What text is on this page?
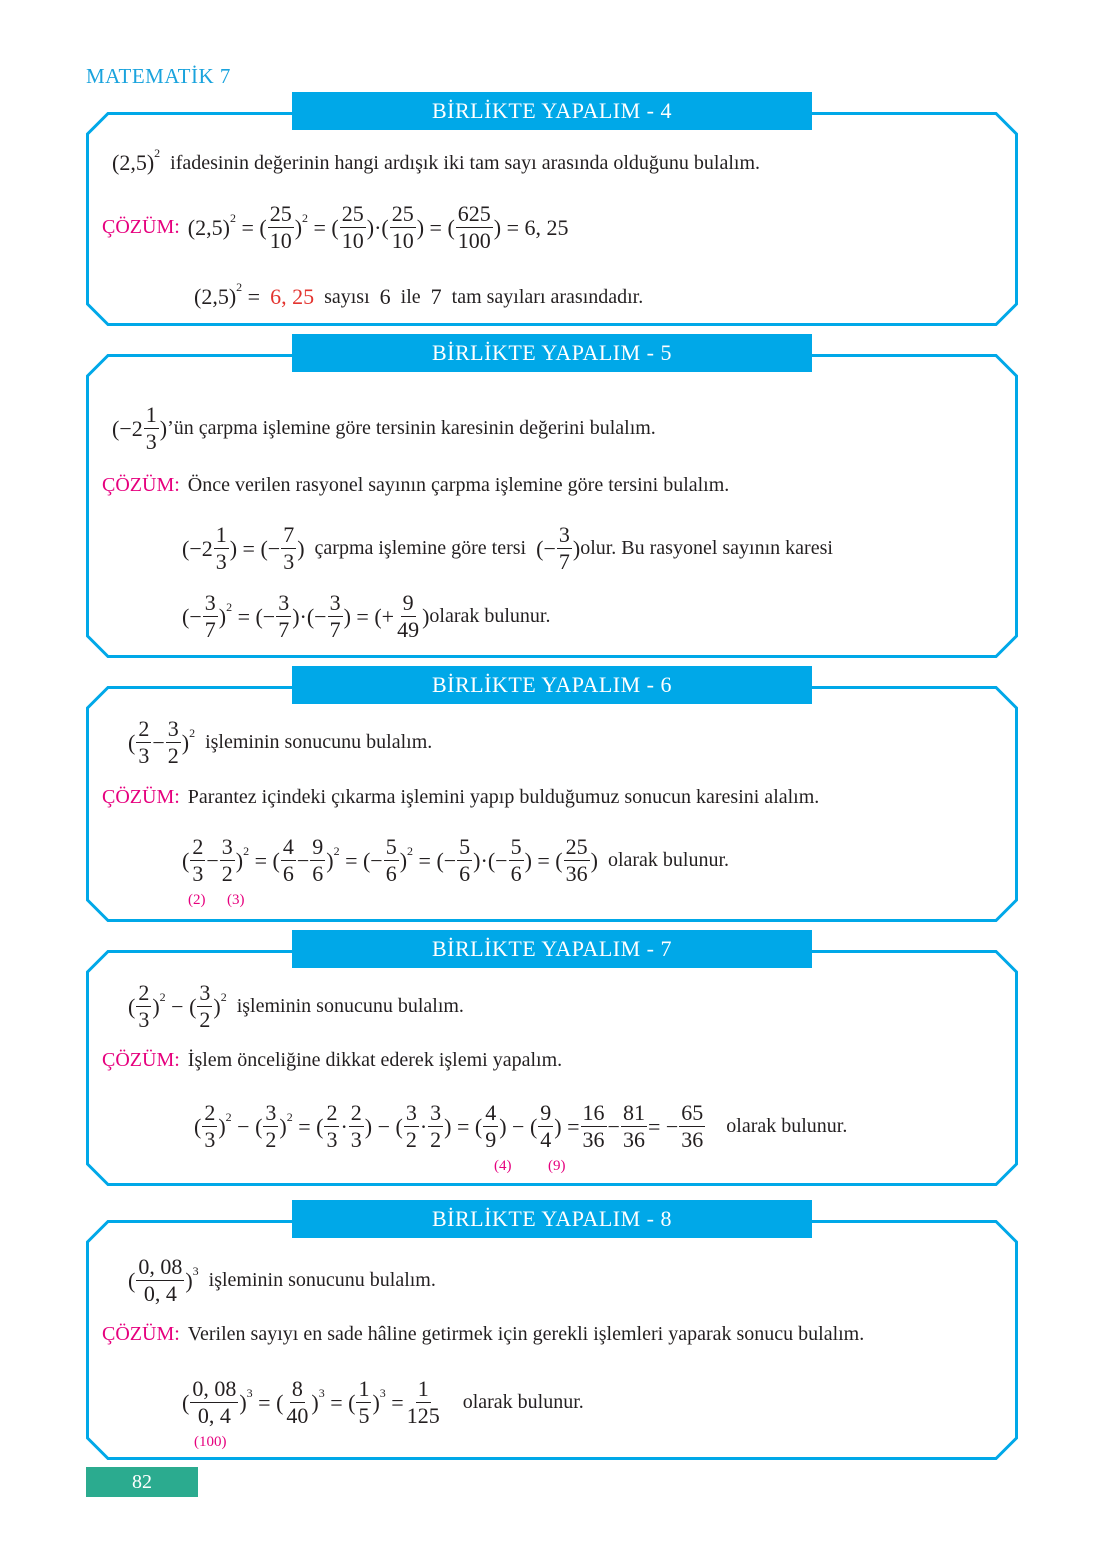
MATEMATİK 7
BİRLİKTE YAPALIM - 4
$(2,5)^2$ ifadesinin değerinin hangi ardışık iki tam sayı arasında olduğunu bulalım.
ÇÖZÜM: $(2,5)^2$ = ( $\frac{25}{10} )^2$ = ( $\frac{25}{10}$ )·( $\frac{25}{10}$ ) = ( $\frac{625}{100}$ ) = 6, 25
$(2,5)^2 = 6$, 25 sayısı 6 ile 7 tam sayıları arasındadır.
BİRLİKTE YAPALIM - 5
($-2 \frac{1}{3}$ ) ’ün çarpma işlemine göre tersinin karesinin değerini bulalım.
ÇÖZÜM: Önce verilen rasyonel sayının çarpma işlemine göre tersini bulalım.
($-2 \frac{1}{3}$ ) = (− $\frac{7}{3}$ ) çarpma işlemine göre tersi (− $\frac{3}{7}$ ) olur. Bu rasyonel sayının karesi
(− $\frac{3}{7} )^2$ = (− $\frac{3}{7}$ )·(− $\frac{3}{7}$ ) = (+ $\frac{9}{49}$ ) olarak bulunur.
BİRLİKTE YAPALIM - 6
( $\frac{2}{3} - \frac{3}{2} )^2$ işleminin sonucunu bulalım.
ÇÖZÜM: Parantez içindeki çıkarma işlemini yapıp bulduğumuz sonucun karesini alalım.
( $\frac{2}{3} - \frac{3}{2} )^2$ = ( $\frac{4}{6} - \frac{9}{6} )^2$ = (− $\frac{5}{6} )^2$ = (− $\frac{5}{6}$ )·(− $\frac{5}{6}$ ) = ( $\frac{25}{36}$ ) olarak bulunur.
(2) (3)
BİRLİKTE YAPALIM - 7
( $\frac{2}{3} )^2$ − ( $\frac{3}{2} )^2$ işleminin sonucunu bulalım.
ÇÖZÜM: İşlem önceliğine dikkat ederek işlemi yapalım.
( $\frac{2}{3} )^2$ − ( $\frac{3}{2} )^2$ = ( $\frac{2}{3} \cdot \frac{2}{3}$ ) − ( $\frac{3}{2} \cdot \frac{3}{2}$ ) = ( $\frac{4}{9}$ ) − ( $\frac{9}{4}$ ) = $\frac{16}{36} - \frac{81}{36}$ = − $\frac{65}{36}$ olarak bulunur.
(4) (9)
BİRLİKTE YAPALIM - 8
( $\frac{0, 08}{0, 4} )^3$ işleminin sonucunu bulalım.
ÇÖZÜM: Verilen sayıyı en sade hâline getirmek için gerekli işlemleri yaparak sonucu bulalım.
( $\frac{0, 08}{0, 4} )^3$ = ( $\frac{8}{40} )^3$ = ( $\frac{1}{5} )^3 = \frac{1}{125}$ olarak bulunur.
(100)
82
